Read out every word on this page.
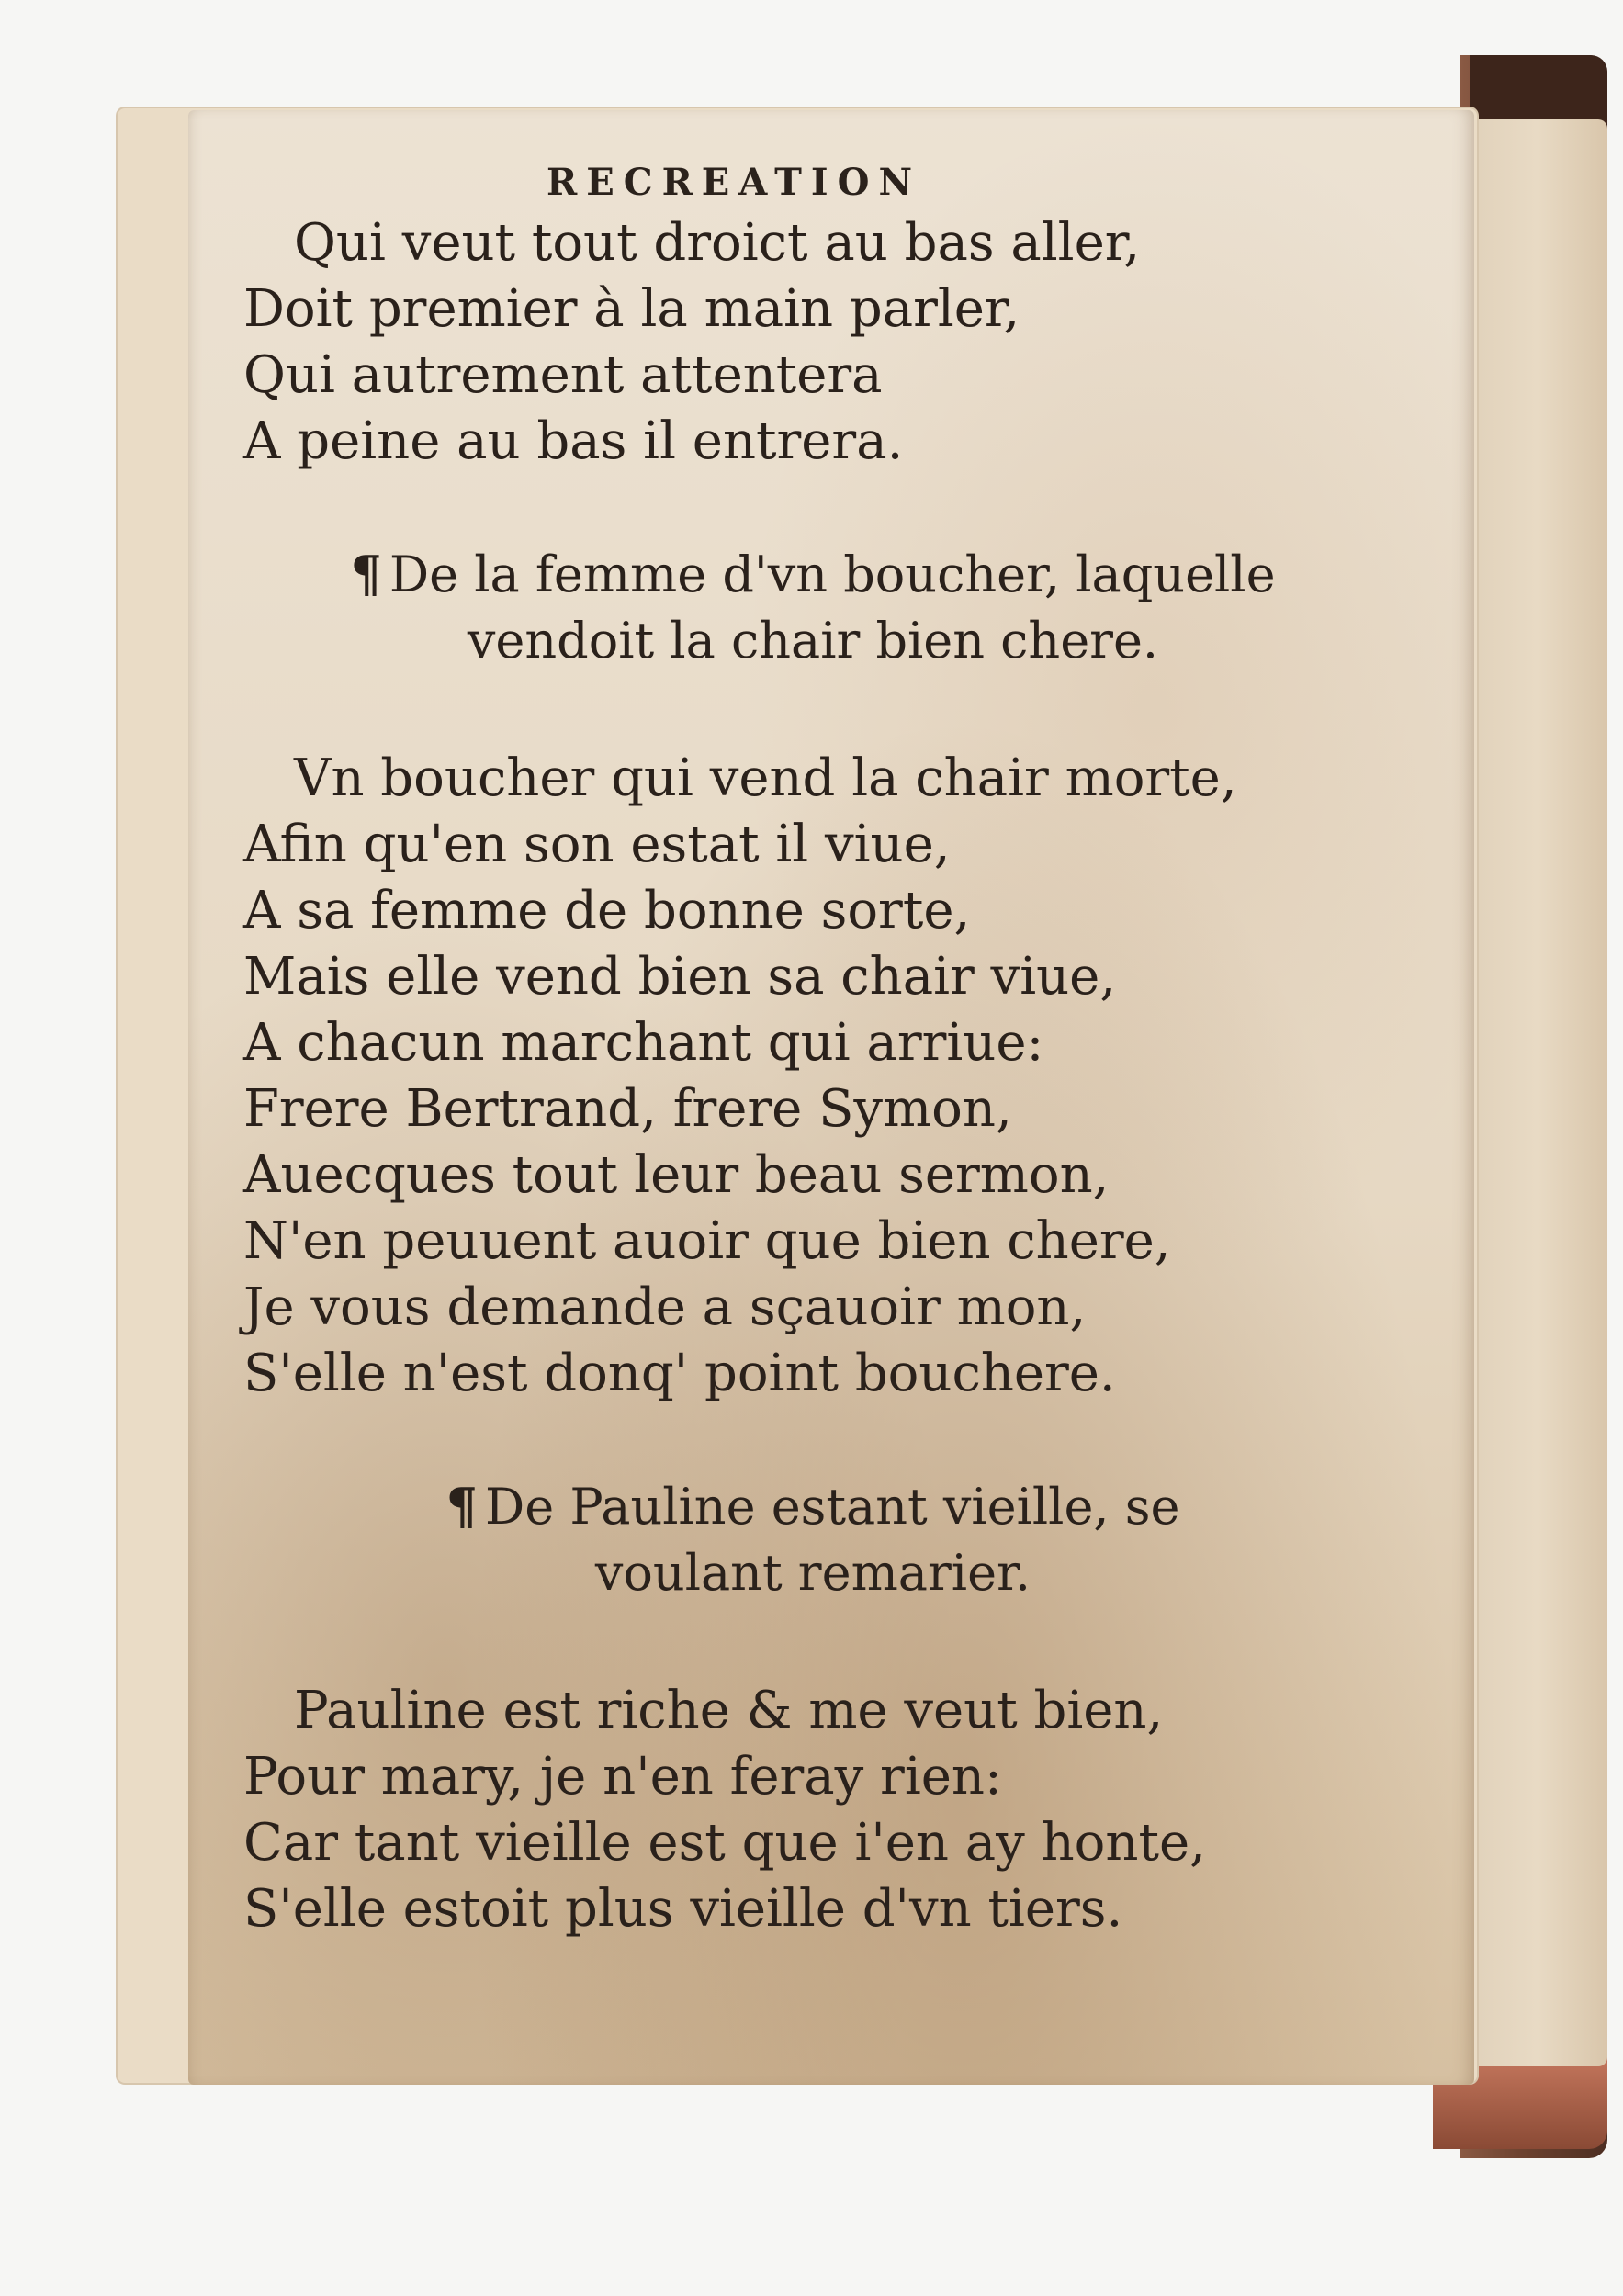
RECREATION
Qui veut tout droict au bas aller,
Doit premier à la main parler,
Qui autrement attentera
A peine au bas il entrera.
¶ De la femme d'vn boucher, laquelle
vendoit la chair bien chere.
Vn boucher qui vend la chair morte,
Afin qu'en son estat il viue,
A sa femme de bonne sorte,
Mais elle vend bien sa chair viue,
A chacun marchant qui arriue:
Frere Bertrand, frere Symon,
Auecques tout leur beau sermon,
N'en peuuent auoir que bien chere,
Je vous demande a sçauoir mon,
S'elle n'est donq' point bouchere.
¶ De Pauline estant vieille, se
voulant remarier.
Pauline est riche & me veut bien,
Pour mary, je n'en feray rien:
Car tant vieille est que i'en ay honte,
S'elle estoit plus vieille d'vn tiers.
